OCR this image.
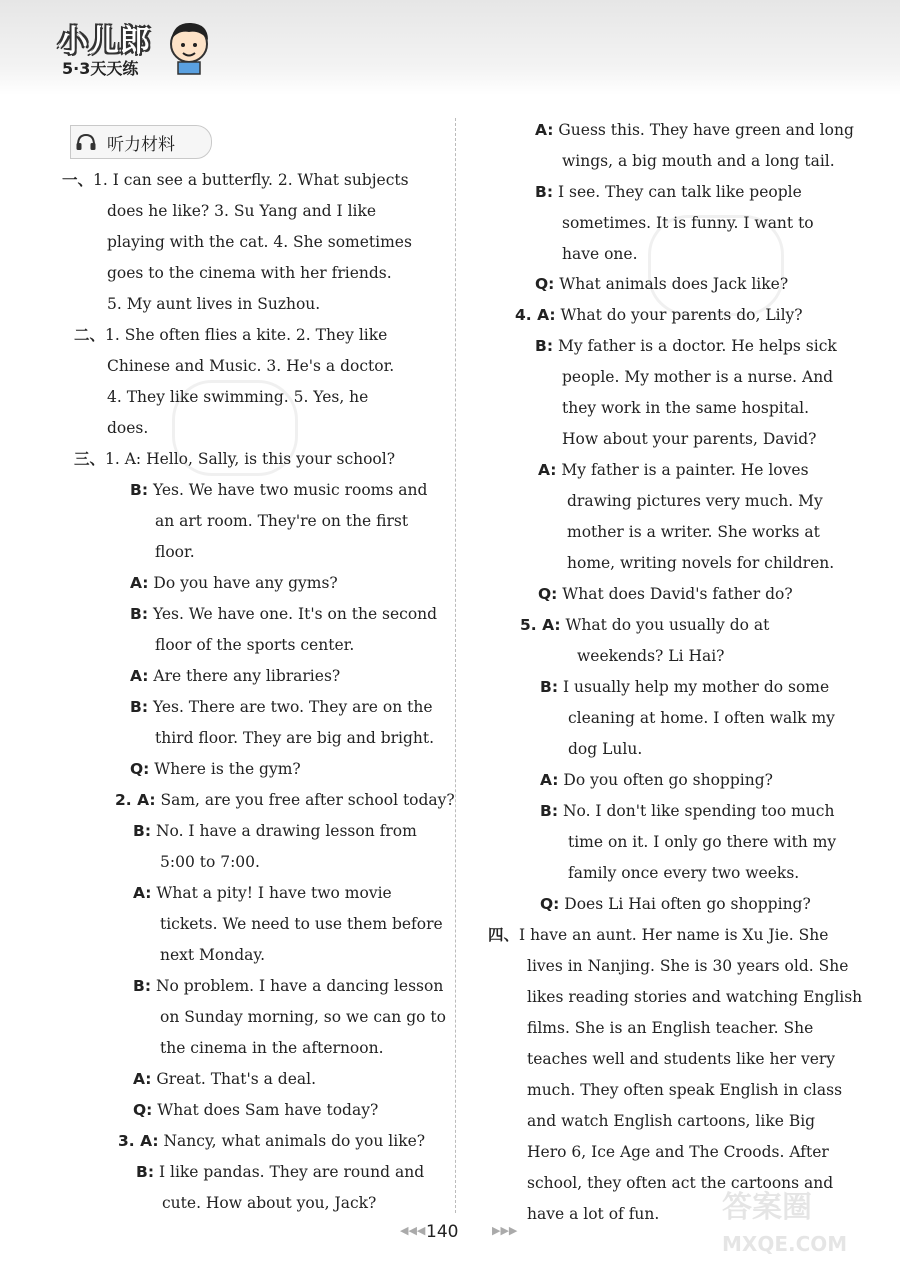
小儿郎
5·3天天练
听力材料
一、1. I can see a butterfly. 2. What subjects
does he like? 3. Su Yang and I like
playing with the cat. 4. She sometimes
goes to the cinema with her friends.
5. My aunt lives in Suzhou.
二、1. She often flies a kite. 2. They like
Chinese and Music. 3. He's a doctor.
4. They like swimming. 5. Yes, he
does.
三、1. A: Hello, Sally, is this your school?
B: Yes. We have two music rooms and
an art room. They're on the first
floor.
A: Do you have any gyms?
B: Yes. We have one. It's on the second
floor of the sports center.
A: Are there any libraries?
B: Yes. There are two. They are on the
third floor. They are big and bright.
Q: Where is the gym?
2. A: Sam, are you free after school today?
B: No. I have a drawing lesson from
5:00 to 7:00.
A: What a pity! I have two movie
tickets. We need to use them before
next Monday.
B: No problem. I have a dancing lesson
on Sunday morning, so we can go to
the cinema in the afternoon.
A: Great. That's a deal.
Q: What does Sam have today?
3. A: Nancy, what animals do you like?
B: I like pandas. They are round and
cute. How about you, Jack?
A: Guess this. They have green and long
wings, a big mouth and a long tail.
B: I see. They can talk like people
sometimes. It is funny. I want to
have one.
Q: What animals does Jack like?
4. A: What do your parents do, Lily?
B: My father is a doctor. He helps sick
people. My mother is a nurse. And
they work in the same hospital.
How about your parents, David?
A: My father is a painter. He loves
drawing pictures very much. My
mother is a writer. She works at
home, writing novels for children.
Q: What does David's father do?
5. A: What do you usually do at
weekends? Li Hai?
B: I usually help my mother do some
cleaning at home. I often walk my
dog Lulu.
A: Do you often go shopping?
B: No. I don't like spending too much
time on it. I only go there with my
family once every two weeks.
Q: Does Li Hai often go shopping?
四、I have an aunt. Her name is Xu Jie. She
lives in Nanjing. She is 30 years old. She
likes reading stories and watching English
films. She is an English teacher. She
teaches well and students like her very
much. They often speak English in class
and watch English cartoons, like Big
Hero 6, Ice Age and The Croods. After
school, they often act the cartoons and
have a lot of fun. 答案圈
MXQE.COM
◀◀◀ 140	▶▶▶
